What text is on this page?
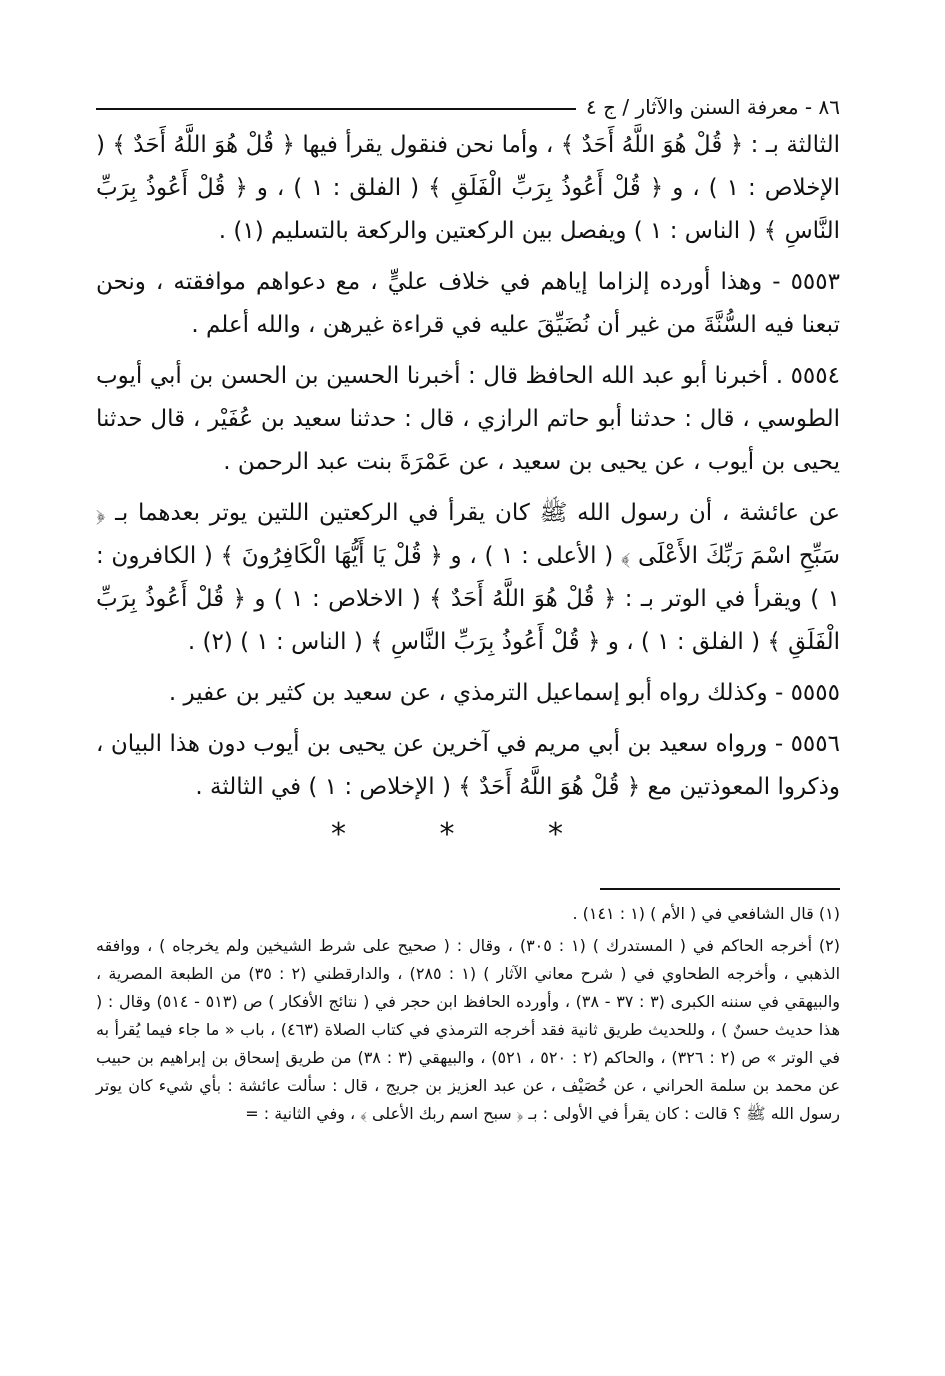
٨٦ - معرفة السنن والآثار / ج ٤

الثالثة بـ : ﴿ قُلْ هُوَ اللَّهُ أَحَدٌ ﴾ ، وأما نحن فنقول يقرأ فيها ﴿ قُلْ هُوَ اللَّهُ أَحَدٌ ﴾ ( الإخلاص : ١ ) ، و ﴿ قُلْ أَعُوذُ بِرَبِّ الْفَلَقِ ﴾ ( الفلق : ١ ) ، و ﴿ قُلْ أَعُوذُ بِرَبِّ النَّاسِ ﴾ ( الناس : ١ ) ويفصل بين الركعتين والركعة بالتسليم (١) .

٥٥٥٣ - وهذا أورده إلزاما إياهم في خلاف عليٍّ ، مع دعواهم موافقته ، ونحن تبعنا فيه السُّنَّةَ من غير أن نُضَيِّقَ عليه في قراءة غيرهن ، والله أعلم .

٥٥٥٤ . أخبرنا أبو عبد الله الحافظ قال : أخبرنا الحسين بن الحسن بن أبي أيوب الطوسي ، قال : حدثنا أبو حاتم الرازي ، قال : حدثنا سعيد بن عُفَيْر ، قال حدثنا يحيى بن أيوب ، عن يحيى بن سعيد ، عن عَمْرَةَ بنت عبد الرحمن .

عن عائشة ، أن رسول الله ﷺ كان يقرأ في الركعتين اللتين يوتر بعدهما بـ ﴿ سَبِّحِ اسْمَ رَبِّكَ الأَعْلَى ﴾ ( الأعلى : ١ ) ، و ﴿ قُلْ يَا أَيُّهَا الْكَافِرُونَ ﴾ ( الكافرون : ١ ) ويقرأ في الوتر بـ : ﴿ قُلْ هُوَ اللَّهُ أَحَدٌ ﴾ ( الاخلاص : ١ ) و ﴿ قُلْ أَعُوذُ بِرَبِّ الْفَلَقِ ﴾ ( الفلق : ١ ) ، و ﴿ قُلْ أَعُوذُ بِرَبِّ النَّاسِ ﴾ ( الناس : ١ ) (٢) .

٥٥٥٥ - وكذلك رواه أبو إسماعيل الترمذي ، عن سعيد بن كثير بن عفير .

٥٥٥٦ - ورواه سعيد بن أبي مريم في آخرين عن يحيى بن أيوب دون هذا البيان ، وذكروا المعوذتين مع ﴿ قُلْ هُوَ اللَّهُ أَحَدٌ ﴾ ( الإخلاص : ١ ) في الثالثة .

* * *

(١) قال الشافعي في ( الأم ) (١ : ١٤١) .

(٢) أخرجه الحاكم في ( المستدرك ) (١ : ٣٠٥) ، وقال : ( صحيح على شرط الشيخين ولم يخرجاه ) ، ووافقه الذهبي ، وأخرجه الطحاوي في ( شرح معاني الآثار ) (١ : ٢٨٥) ، والدارقطني (٢ : ٣٥) من الطبعة المصرية ، والبيهقي في سننه الكبرى (٣ : ٣٧ - ٣٨) ، وأورده الحافظ ابن حجر في ( نتائج الأفكار ) ص (٥١٣ - ٥١٤) وقال : ( هذا حديث حسنٌ ) ، وللحديث طريق ثانية فقد أخرجه الترمذي في كتاب الصلاة (٤٦٣) ، باب « ما جاء فيما يُقرأ به في الوتر » ص (٢ : ٣٢٦) ، والحاكم (٢ : ٥٢٠ ، ٥٢١) ، والبيهقي (٣ : ٣٨) من طريق إسحاق بن إبراهيم بن حبيب عن محمد بن سلمة الحراني ، عن خُصَيْف ، عن عبد العزيز بن جريج ، قال : سألت عائشة : بأي شيء كان يوتر رسول الله ﷺ ؟ قالت : كان يقرأ في الأولى : بـ ﴿ سبح اسم ربك الأعلى ﴾ ، وفي الثانية : =
